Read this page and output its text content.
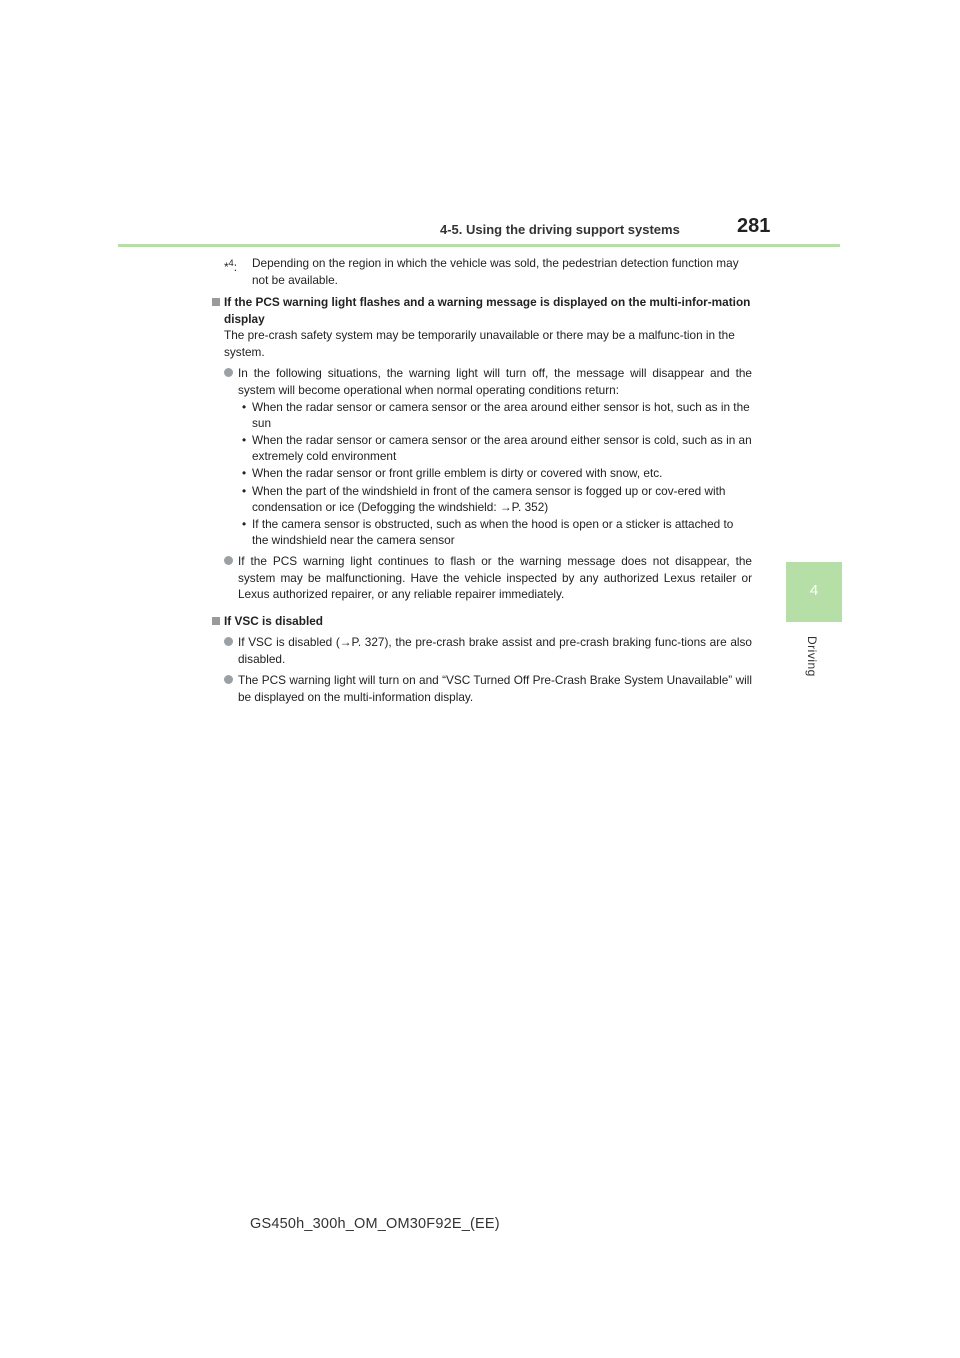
4-5. Using the driving support systems	281
4
Driving
*$^4$: Depending on the region in which the vehicle was sold, the pedestrian detection function may not be available.

If the PCS warning light flashes and a warning message is displayed on the multi-infor-mation display

The pre-crash safety system may be temporarily unavailable or there may be a malfunc-tion in the system.

In the following situations, the warning light will turn off, the message will disappear and the system will become operational when normal operating conditions return:
• When the radar sensor or camera sensor or the area around either sensor is hot, such as in the sun
• When the radar sensor or camera sensor or the area around either sensor is cold, such as in an extremely cold environment
• When the radar sensor or front grille emblem is dirty or covered with snow, etc.
• When the part of the windshield in front of the camera sensor is fogged up or cov-ered with condensation or ice (Defogging the windshield: →P. 352)
• If the camera sensor is obstructed, such as when the hood is open or a sticker is attached to the windshield near the camera sensor
If the PCS warning light continues to flash or the warning message does not disappear, the system may be malfunctioning. Have the vehicle inspected by any authorized Lexus retailer or Lexus authorized repairer, or any reliable repairer immediately.
If VSC is disabled
If VSC is disabled (→P. 327), the pre-crash brake assist and pre-crash braking func-tions are also disabled.
The PCS warning light will turn on and “VSC Turned Off Pre-Crash Brake System Unavailable” will be displayed on the multi-information display.
GS450h_300h_OM_OM30F92E_(EE)
